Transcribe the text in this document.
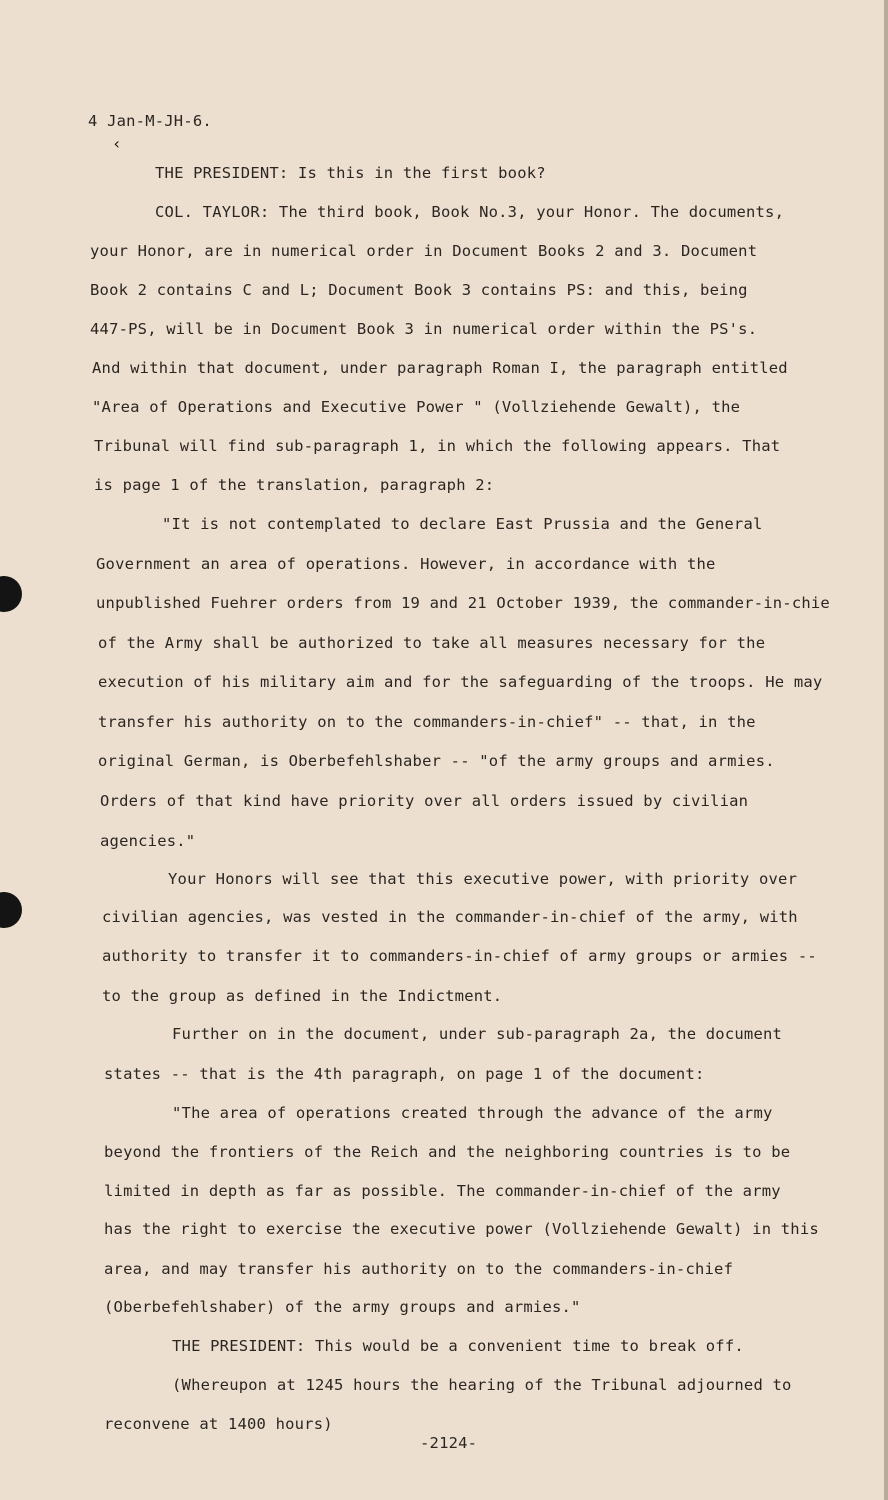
‹
4 Jan-M-JH-6.
THE PRESIDENT: Is this in the first book?
COL. TAYLOR: The third book, Book No.3, your Honor. The documents,
your Honor, are in numerical order in Document Books 2 and 3. Document
Book 2 contains C and L; Document Book 3 contains PS: and this, being
447-PS, will be in Document Book 3 in numerical order within the PS's.
And within that document, under paragraph Roman I, the paragraph entitled
"Area of Operations and Executive Power " (Vollziehende Gewalt), the
Tribunal will find sub-paragraph 1, in which the following appears. That
is page 1 of the translation, paragraph 2:
"It is not contemplated to declare East Prussia and the General
Government an area of operations. However, in accordance with the
unpublished Fuehrer orders from 19 and 21 October 1939, the commander-in-chie
of the Army shall be authorized to take all measures necessary for the
execution of his military aim and for the safeguarding of the troops. He may
transfer his authority on to the commanders-in-chief" -- that, in the
original German, is Oberbefehlshaber -- "of the army groups and armies.
Orders of that kind have priority over all orders issued by civilian
agencies."
Your Honors will see that this executive power, with priority over
civilian agencies, was vested in the commander-in-chief of the army, with
authority to transfer it to commanders-in-chief of army groups or armies --
to the group as defined in the Indictment.
Further on in the document, under sub-paragraph 2a, the document
states -- that is the 4th paragraph, on page 1 of the document:
"The area of operations created through the advance of the army
beyond the frontiers of the Reich and the neighboring countries is to be
limited in depth as far as possible. The commander-in-chief of the army
has the right to exercise the executive power (Vollziehende Gewalt) in this
area, and may transfer his authority on to the commanders-in-chief
(Oberbefehlshaber) of the army groups and armies."
THE PRESIDENT: This would be a convenient time to break off.
(Whereupon at 1245 hours the hearing of the Tribunal adjourned to
reconvene at 1400 hours)
-2124-
